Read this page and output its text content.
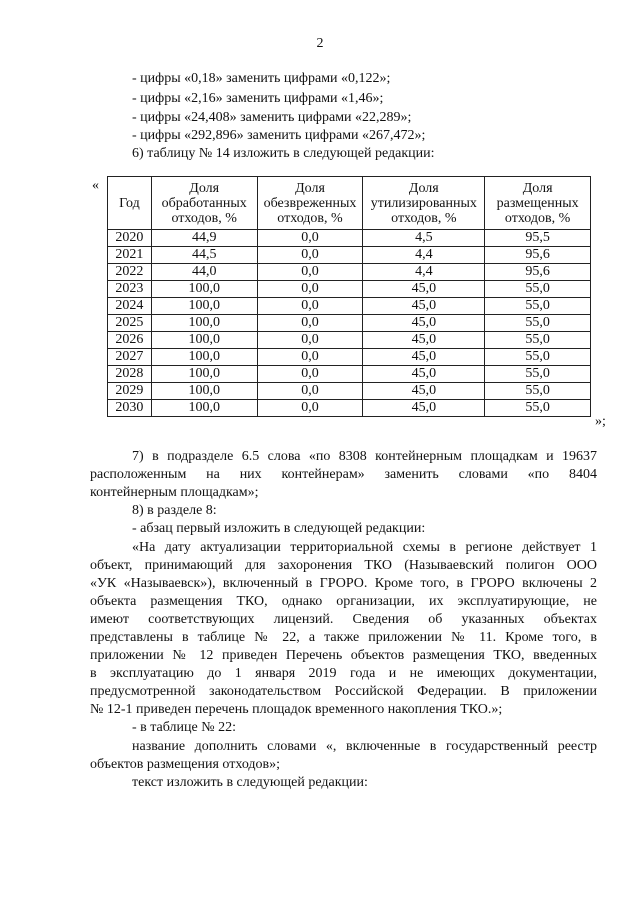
2
- цифры «0,18» заменить цифрами «0,122»;
- цифры «2,16» заменить цифрами «1,46»;
- цифры «24,408» заменить цифрами «22,289»;
- цифры «292,896» заменить цифрами «267,472»;
6) таблицу № 14 изложить в следующей редакции:
«
Год	Доля обработанных отходов, %	Доля обезвреженных отходов, %	Доля утилизированных отходов, %	Доля размещенных отходов, %
2020	44,9	0,0	4,5	95,5
2021	44,5	0,0	4,4	95,6
2022	44,0	0,0	4,4	95,6
2023	100,0	0,0	45,0	55,0
2024	100,0	0,0	45,0	55,0
2025	100,0	0,0	45,0	55,0
2026	100,0	0,0	45,0	55,0
2027	100,0	0,0	45,0	55,0
2028	100,0	0,0	45,0	55,0
2029	100,0	0,0	45,0	55,0
2030	100,0	0,0	45,0	55,0
»;
7) в подразделе 6.5 слова «по 8308 контейнерным площадкам и 19637
расположенным на них контейнерам» заменить словами «по 8404
контейнерным площадкам»;
8) в разделе 8:
- абзац первый изложить в следующей редакции:
«На дату актуализации территориальной схемы в регионе действует 1
объект, принимающий для захоронения ТКО (Называевский полигон ООО
«УК «Называевск»), включенный в ГРОРО. Кроме того, в ГРОРО включены 2
объекта размещения ТКО, однако организации, их эксплуатирующие, не
имеют соответствующих лицензий. Сведения об указанных объектах
представлены в таблице № 22, а также приложении № 11. Кроме того, в
приложении № 12 приведен Перечень объектов размещения ТКО, введенных
в эксплуатацию до 1 января 2019 года и не имеющих документации,
предусмотренной законодательством Российской Федерации. В приложении
№ 12-1 приведен перечень площадок временного накопления ТКО.»;
- в таблице № 22:
название дополнить словами «, включенные в государственный реестр
объектов размещения отходов»;
текст изложить в следующей редакции:
